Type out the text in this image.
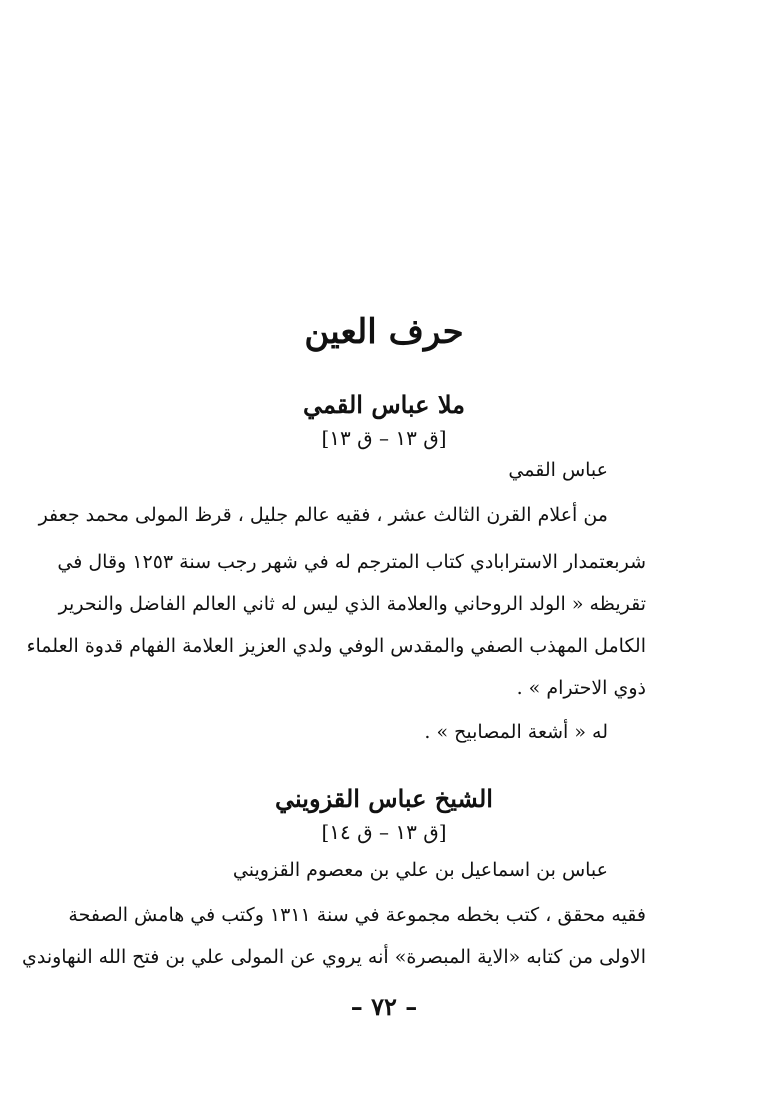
حرف العين
ملا عباس القمي
[ق ١٣ – ق ١٣]
عباس القمي
من أعلام القرن الثالث عشر ، فقيه عالم جليل ، قرظ المولى محمد جعفر
شربعتمدار الاسترابادي كتاب المترجم له في شهر رجب سنة ١٢٥٣ وقال في
تقريظه « الولد الروحاني والعلامة الذي ليس له ثاني العالم الفاضل والنحرير
الكامل المهذب الصفي والمقدس الوفي ولدي العزيز العلامة الفهام قدوة العلماء
ذوي الاحترام » .
له « أشعة المصابيح » .
الشيخ عباس القزويني
[ق ١٣ – ق ١٤]
عباس بن اسماعيل بن علي بن معصوم القزويني
فقيه محقق ، كتب بخطه مجموعة في سنة ١٣١١ وكتب في هامش الصفحة
الاولى من كتابه «الاية المبصرة» أنه يروي عن المولى علي بن فتح الله النهاوندي
– ٧٢ –
